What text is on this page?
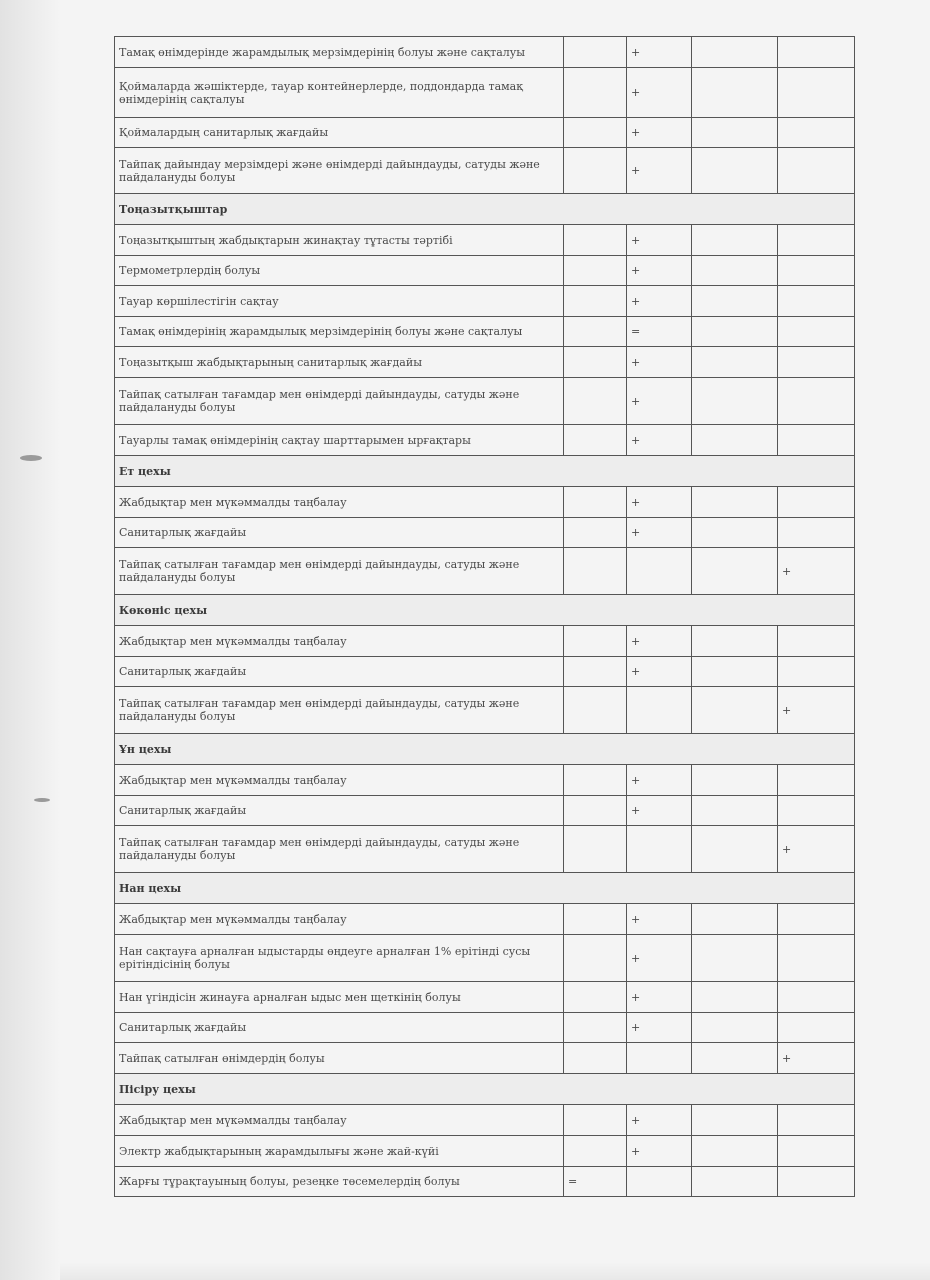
Тамақ өнімдерінде жарамдылық мерзімдерінің болуы және сақталуы		+		
Қоймаларда жәшіктерде, тауар контейнерлерде, поддондарда тамақ өнімдерінің сақталуы		+		
Қоймалардың санитарлық жағдайы		+		
Тайпақ дайындау мерзімдері және өнімдерді дайындауды, сатуды және пайдалануды болуы		+		
Тоңазытқыштар				
Тоңазытқыштың жабдықтарын жинақтау тұтасты тәртібі		+		
Термометрлердің болуы		+		
Тауар көршілестігін сақтау		+		
Тамақ өнімдерінің жарамдылық мерзімдерінің болуы және сақталуы		=		
Тоңазытқыш жабдықтарының санитарлық жағдайы		+		
Тайпақ сатылған тағамдар мен өнімдерді дайындауды, сатуды және пайдалануды болуы		+		
Тауарлы тамақ өнімдерінің сақтау шарттарымен ырғақтары		+		
Ет цехы				
Жабдықтар мен мүкәммалды таңбалау		+		
Санитарлық жағдайы		+		
Тайпақ сатылған тағамдар мен өнімдерді дайындауды, сатуды және пайдалануды болуы				+
Көкөніс цехы				
Жабдықтар мен мүкәммалды таңбалау		+		
Санитарлық жағдайы		+		
Тайпақ сатылған тағамдар мен өнімдерді дайындауды, сатуды және пайдалануды болуы				+
Ұн цехы				
Жабдықтар мен мүкәммалды таңбалау		+		
Санитарлық жағдайы		+		
Тайпақ сатылған тағамдар мен өнімдерді дайындауды, сатуды және пайдалануды болуы				+
Нан цехы				
Жабдықтар мен мүкәммалды таңбалау		+		
Нан сақтауға арналған ыдыстарды өңдеуге арналған 1% ерітінді сусы ерітіндісінің болуы		+		
Нан үгіндісін жинауға арналған ыдыс мен щеткінің болуы		+		
Санитарлық жағдайы		+		
Тайпақ сатылған өнімдердің болуы				+
Пісіру цехы				
Жабдықтар мен мүкәммалды таңбалау		+		
Электр жабдықтарының жарамдылығы және жай-күйі		+		
Жарғы тұрақтауының болуы, резеңке төсемелердің болуы	=			
